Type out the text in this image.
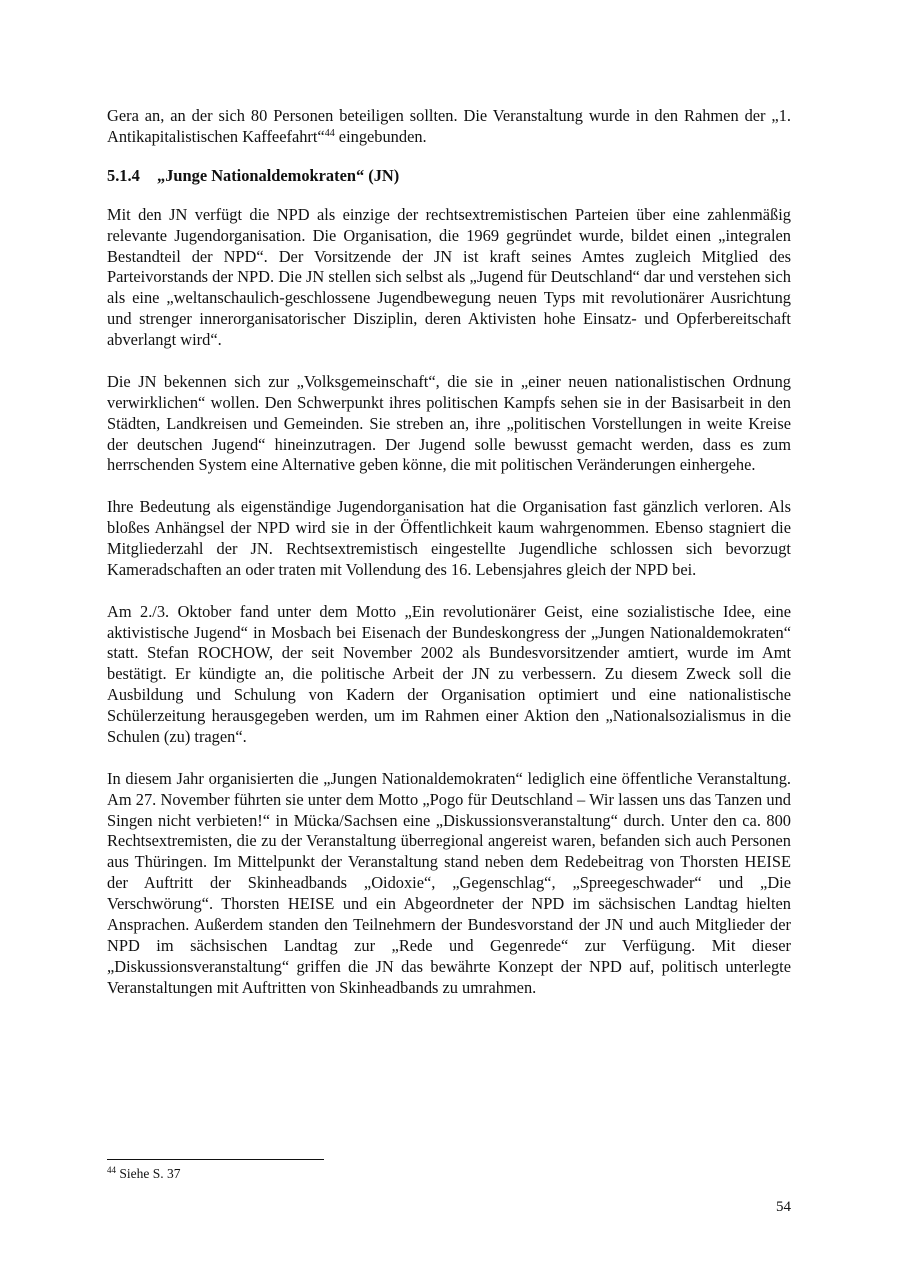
Gera an, an der sich 80 Personen beteiligen sollten. Die Veranstaltung wurde in den Rahmen der „1. Antikapitalistischen Kaffeefahrt“$^{44}$ eingebunden.

5.1.4 „Junge Nationaldemokraten“ (JN)

Mit den JN verfügt die NPD als einzige der rechtsextremistischen Parteien über eine zahlenmäßig relevante Jugendorganisation. Die Organisation, die 1969 gegründet wurde, bildet einen „integralen Bestandteil der NPD“. Der Vorsitzende der JN ist kraft seines Amtes zugleich Mitglied des Parteivorstands der NPD. Die JN stellen sich selbst als „Jugend für Deutschland“ dar und verstehen sich als eine „weltanschaulich-geschlossene Jugendbewegung neuen Typs mit revolutionärer Ausrichtung und strenger innerorganisatorischer Disziplin, deren Aktivisten hohe Einsatz- und Opferbereitschaft abverlangt wird“.

Die JN bekennen sich zur „Volksgemeinschaft“, die sie in „einer neuen nationalistischen Ordnung verwirklichen“ wollen. Den Schwerpunkt ihres politischen Kampfs sehen sie in der Basisarbeit in den Städten, Landkreisen und Gemeinden. Sie streben an, ihre „politischen Vorstellungen in weite Kreise der deutschen Jugend“ hineinzutragen. Der Jugend solle bewusst gemacht werden, dass es zum herrschenden System eine Alternative geben könne, die mit politischen Veränderungen einhergehe.

Ihre Bedeutung als eigenständige Jugendorganisation hat die Organisation fast gänzlich verloren. Als bloßes Anhängsel der NPD wird sie in der Öffentlichkeit kaum wahrgenommen. Ebenso stagniert die Mitgliederzahl der JN. Rechtsextremistisch eingestellte Jugendliche schlossen sich bevorzugt Kameradschaften an oder traten mit Vollendung des 16. Lebensjahres gleich der NPD bei.

Am 2./3. Oktober fand unter dem Motto „Ein revolutionärer Geist, eine sozialistische Idee, eine aktivistische Jugend“ in Mosbach bei Eisenach der Bundeskongress der „Jungen Nationaldemokraten“ statt. Stefan ROCHOW, der seit November 2002 als Bundesvorsitzender amtiert, wurde im Amt bestätigt. Er kündigte an, die politische Arbeit der JN zu verbessern. Zu diesem Zweck soll die Ausbildung und Schulung von Kadern der Organisation optimiert und eine nationalistische Schülerzeitung herausgegeben werden, um im Rahmen einer Aktion den „Nationalsozialismus in die Schulen (zu) tragen“.

In diesem Jahr organisierten die „Jungen Nationaldemokraten“ lediglich eine öffentliche Veranstaltung. Am 27. November führten sie unter dem Motto „Pogo für Deutschland – Wir lassen uns das Tanzen und Singen nicht verbieten!“ in Mücka/Sachsen eine „Diskussionsveranstaltung“ durch. Unter den ca. 800 Rechtsextremisten, die zu der Veranstaltung überregional angereist waren, befanden sich auch Personen aus Thüringen. Im Mittelpunkt der Veranstaltung stand neben dem Redebeitrag von Thorsten HEISE der Auftritt der Skinheadbands „Oidoxie“, „Gegenschlag“, „Spreegeschwader“ und „Die Verschwörung“. Thorsten HEISE und ein Abgeordneter der NPD im sächsischen Landtag hielten Ansprachen. Außerdem standen den Teilnehmern der Bundesvorstand der JN und auch Mitglieder der NPD im sächsischen Landtag zur „Rede und Gegenrede“ zur Verfügung. Mit dieser „Diskussionsveranstaltung“ griffen die JN das bewährte Konzept der NPD auf, politisch unterlegte Veranstaltungen mit Auftritten von Skinheadbands zu umrahmen.

$^{44}$ Siehe S. 37
54
